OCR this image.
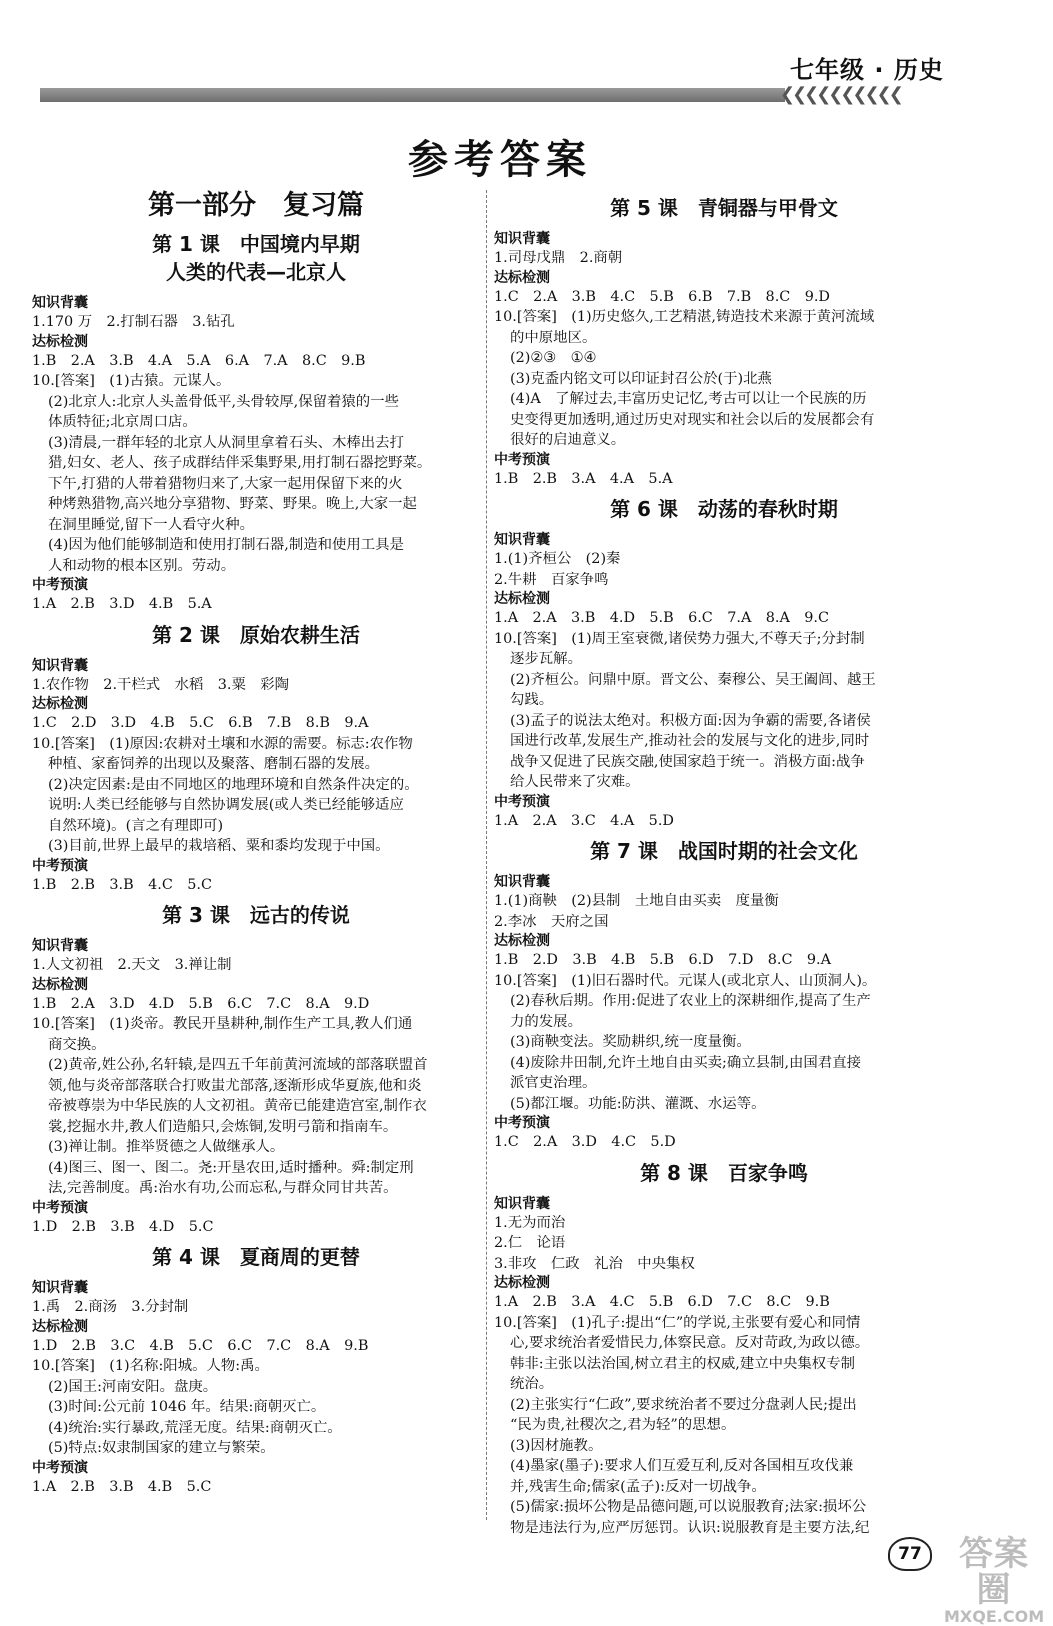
❮❮❮❮❮❮❮❮❮❮
七年级 · 历史
参考答案
第一部分　复习篇
第 1 课　中国境内早期
人类的代表—北京人
知识背囊
1.170 万　2.打制石器　3.钻孔
达标检测
1.B　2.A　3.B　4.A　5.A　6.A　7.A　8.C　9.B
10.[答案]　(1)古猿。元谋人。
(2)北京人:北京人头盖骨低平,头骨较厚,保留着猿的一些
体质特征;北京周口店。
(3)清晨,一群年轻的北京人从洞里拿着石头、木棒出去打
猎,妇女、老人、孩子成群结伴采集野果,用打制石器挖野菜。
下午,打猎的人带着猎物归来了,大家一起用保留下来的火
种烤熟猎物,高兴地分享猎物、野菜、野果。晚上,大家一起
在洞里睡觉,留下一人看守火种。
(4)因为他们能够制造和使用打制石器,制造和使用工具是
人和动物的根本区别。劳动。
中考预演
1.A　2.B　3.D　4.B　5.A
第 2 课　原始农耕生活
知识背囊
1.农作物　2.干栏式　水稻　3.粟　彩陶
达标检测
1.C　2.D　3.D　4.B　5.C　6.B　7.B　8.B　9.A
10.[答案]　(1)原因:农耕对土壤和水源的需要。标志:农作物
种植、家畜饲养的出现以及聚落、磨制石器的发展。
(2)决定因素:是由不同地区的地理环境和自然条件决定的。
说明:人类已经能够与自然协调发展(或人类已经能够适应
自然环境)。(言之有理即可)
(3)目前,世界上最早的栽培稻、粟和黍均发现于中国。
中考预演
1.B　2.B　3.B　4.C　5.C
第 3 课　远古的传说
知识背囊
1.人文初祖　2.天文　3.禅让制
达标检测
1.B　2.A　3.D　4.D　5.B　6.C　7.C　8.A　9.D
10.[答案]　(1)炎帝。教民开垦耕种,制作生产工具,教人们通
商交换。
(2)黄帝,姓公孙,名轩辕,是四五千年前黄河流域的部落联盟首
领,他与炎帝部落联合打败蚩尤部落,逐渐形成华夏族,他和炎
帝被尊崇为中华民族的人文初祖。黄帝已能建造宫室,制作衣
裳,挖掘水井,教人们造船只,会炼铜,发明弓箭和指南车。
(3)禅让制。推举贤德之人做继承人。
(4)图三、图一、图二。尧:开垦农田,适时播种。舜:制定刑
法,完善制度。禹:治水有功,公而忘私,与群众同甘共苦。
中考预演
1.D　2.B　3.B　4.D　5.C
第 4 课　夏商周的更替
知识背囊
1.禹　2.商汤　3.分封制
达标检测
1.D　2.B　3.C　4.B　5.C　6.C　7.C　8.A　9.B
10.[答案]　(1)名称:阳城。人物:禹。
(2)国王:河南安阳。盘庚。
(3)时间:公元前 1046 年。结果:商朝灭亡。
(4)统治:实行暴政,荒淫无度。结果:商朝灭亡。
(5)特点:奴隶制国家的建立与繁荣。
中考预演
1.A　2.B　3.B　4.B　5.C
第 5 课　青铜器与甲骨文
知识背囊
1.司母戊鼎　2.商朝
达标检测
1.C　2.A　3.B　4.C　5.B　6.B　7.B　8.C　9.D
10.[答案]　(1)历史悠久,工艺精湛,铸造技术来源于黄河流域
的中原地区。
(2)②③　①④
(3)克盉内铭文可以印证封召公於(于)北燕
(4)A　了解过去,丰富历史记忆,考古可以让一个民族的历
史变得更加透明,通过历史对现实和社会以后的发展都会有
很好的启迪意义。
中考预演
1.B　2.B　3.A　4.A　5.A
第 6 课　动荡的春秋时期
知识背囊
1.(1)齐桓公　(2)秦
2.牛耕　百家争鸣
达标检测
1.A　2.A　3.B　4.D　5.B　6.C　7.A　8.A　9.C
10.[答案]　(1)周王室衰微,诸侯势力强大,不尊天子;分封制
逐步瓦解。
(2)齐桓公。问鼎中原。晋文公、秦穆公、吴王阖闾、越王
勾践。
(3)孟子的说法太绝对。积极方面:因为争霸的需要,各诸侯
国进行改革,发展生产,推动社会的发展与文化的进步,同时
战争又促进了民族交融,使国家趋于统一。消极方面:战争
给人民带来了灾难。
中考预演
1.A　2.A　3.C　4.A　5.D
第 7 课　战国时期的社会文化
知识背囊
1.(1)商鞅　(2)县制　土地自由买卖　度量衡
2.李冰　天府之国
达标检测
1.B　2.D　3.B　4.B　5.B　6.D　7.D　8.C　9.A
10.[答案]　(1)旧石器时代。元谋人(或北京人、山顶洞人)。
(2)春秋后期。作用:促进了农业上的深耕细作,提高了生产
力的发展。
(3)商鞅变法。奖励耕织,统一度量衡。
(4)废除井田制,允许土地自由买卖;确立县制,由国君直接
派官吏治理。
(5)都江堰。功能:防洪、灌溉、水运等。
中考预演
1.C　2.A　3.D　4.C　5.D
第 8 课　百家争鸣
知识背囊
1.无为而治
2.仁　论语
3.非攻　仁政　礼治　中央集权
达标检测
1.A　2.B　3.A　4.C　5.B　6.D　7.C　8.C　9.B
10.[答案]　(1)孔子:提出“仁”的学说,主张要有爱心和同情
心,要求统治者爱惜民力,体察民意。反对苛政,为政以德。
韩非:主张以法治国,树立君主的权威,建立中央集权专制
统治。
(2)主张实行“仁政”,要求统治者不要过分盘剥人民;提出
“民为贵,社稷次之,君为轻”的思想。
(3)因材施教。
(4)墨家(墨子):要求人们互爱互利,反对各国相互攻伐兼
并,残害生命;儒家(孟子):反对一切战争。
(5)儒家:损坏公物是品德问题,可以说服教育;法家:损坏公
物是违法行为,应严厉惩罚。认识:说服教育是主要方法,纪
77	答案圈
MXQE.COM
